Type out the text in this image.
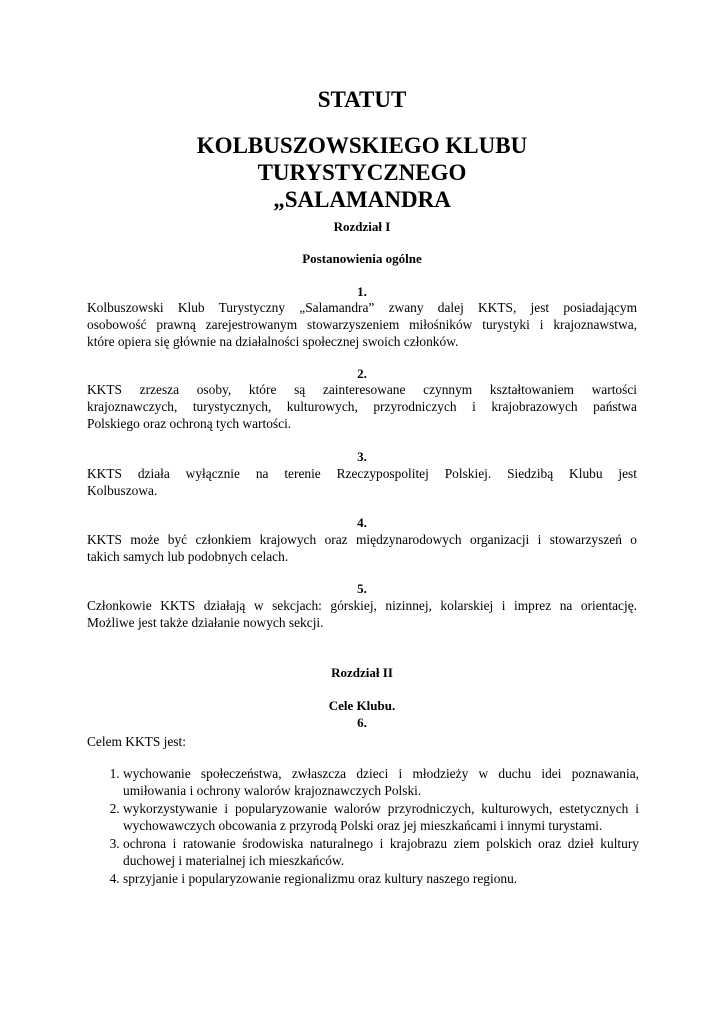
STATUT
KOLBUSZOWSKIEGO KLUBU
TURYSTYCZNEGO
„SALAMANDRA
Rozdział I
Postanowienia ogólne
1.
Kolbuszowski Klub Turystyczny „Salamandra” zwany dalej KKTS, jest posiadającym
osobowość prawną zarejestrowanym stowarzyszeniem miłośników turystyki i krajoznawstwa,
które opiera się głównie na działalności społecznej swoich członków.
2.
KKTS zrzesza osoby, które są zainteresowane czynnym kształtowaniem wartości
krajoznawczych, turystycznych, kulturowych, przyrodniczych i krajobrazowych państwa
Polskiego oraz ochroną tych wartości.
3.
KKTS działa wyłącznie na terenie Rzeczypospolitej Polskiej. Siedzibą Klubu jest
Kolbuszowa.
4.
KKTS może być członkiem krajowych oraz międzynarodowych organizacji i stowarzyszeń o
takich samych lub podobnych celach.
5.
Członkowie KKTS działają w sekcjach: górskiej, nizinnej, kolarskiej i imprez na orientację.
Możliwe jest także działanie nowych sekcji.
Rozdział II
Cele Klubu.
6.
Celem KKTS jest:
1. wychowanie społeczeństwa, zwłaszcza dzieci i młodzieży w duchu idei poznawania, umiłowania i ochrony walorów krajoznawczych Polski.
2. wykorzystywanie i popularyzowanie walorów przyrodniczych, kulturowych, estetycznych i wychowawczych obcowania z przyrodą Polski oraz jej mieszkańcami i innymi turystami.
3. ochrona i ratowanie środowiska naturalnego i krajobrazu ziem polskich oraz dzieł kultury duchowej i materialnej ich mieszkańców.
4. sprzyjanie i popularyzowanie regionalizmu oraz kultury naszego regionu.
